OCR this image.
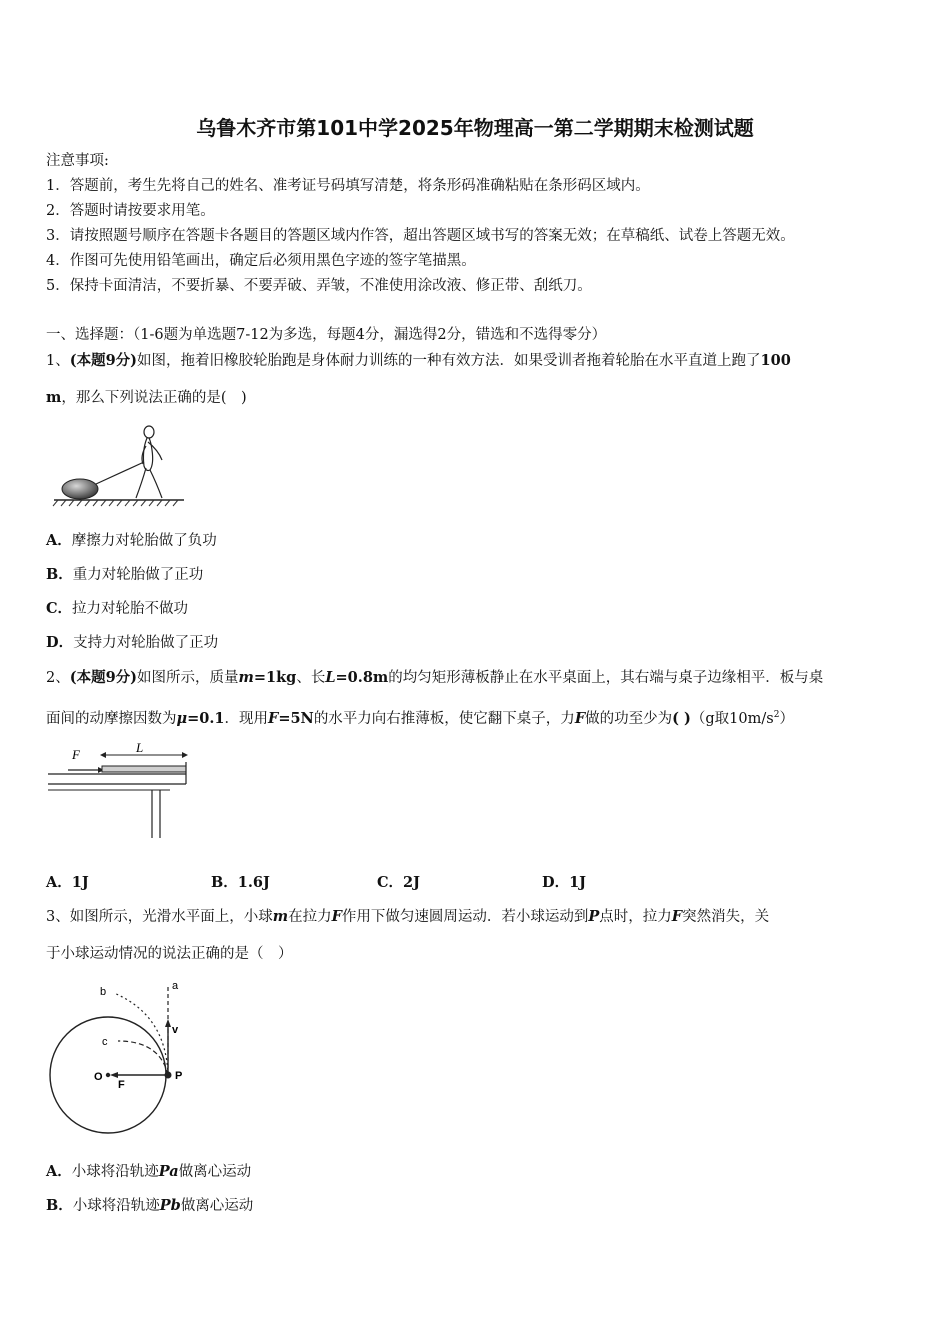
乌鲁木齐市第101中学2025年物理高一第二学期期末检测试题
注意事项:
1．答题前，考生先将自己的姓名、准考证号码填写清楚，将条形码准确粘贴在条形码区域内。
2．答题时请按要求用笔。
3．请按照题号顺序在答题卡各题目的答题区域内作答，超出答题区域书写的答案无效；在草稿纸、试卷上答题无效。
4．作图可先使用铅笔画出，确定后必须用黑色字迹的签字笔描黑。
5．保持卡面清洁，不要折暴、不要弄破、弄皱，不准使用涂改液、修正带、刮纸刀。
一、选择题：（1-6题为单选题7-12为多选，每题4分，漏选得2分，错选和不选得零分）
1、(本题9分)如图，拖着旧橡胶轮胎跑是身体耐力训练的一种有效方法．如果受训者拖着轮胎在水平直道上跑了100
m，那么下列说法正确的是(　)
A．摩擦力对轮胎做了负功
B．重力对轮胎做了正功
C．拉力对轮胎不做功
D．支持力对轮胎做了正功
2、(本题9分)如图所示，质量m=1kg、长L=0.8m的均匀矩形薄板静止在水平桌面上，其右端与桌子边缘相平．板与桌
面间的动摩擦因数为μ=0.1．现用F=5N的水平力向右推薄板，使它翻下桌子，力F做的功至少为( )（g取$10m/s^2$）
F	L
A．1J	B．1.6J	C．2J	D．1J
3、如图所示，光滑水平面上，小球m在拉力F作用下做匀速圆周运动．若小球运动到P点时，拉力F突然消失，关
于小球运动情况的说法正确的是（　）
a
b
c
v
O
F
P
A．小球将沿轨迹Pa做离心运动
B．小球将沿轨迹Pb做离心运动
